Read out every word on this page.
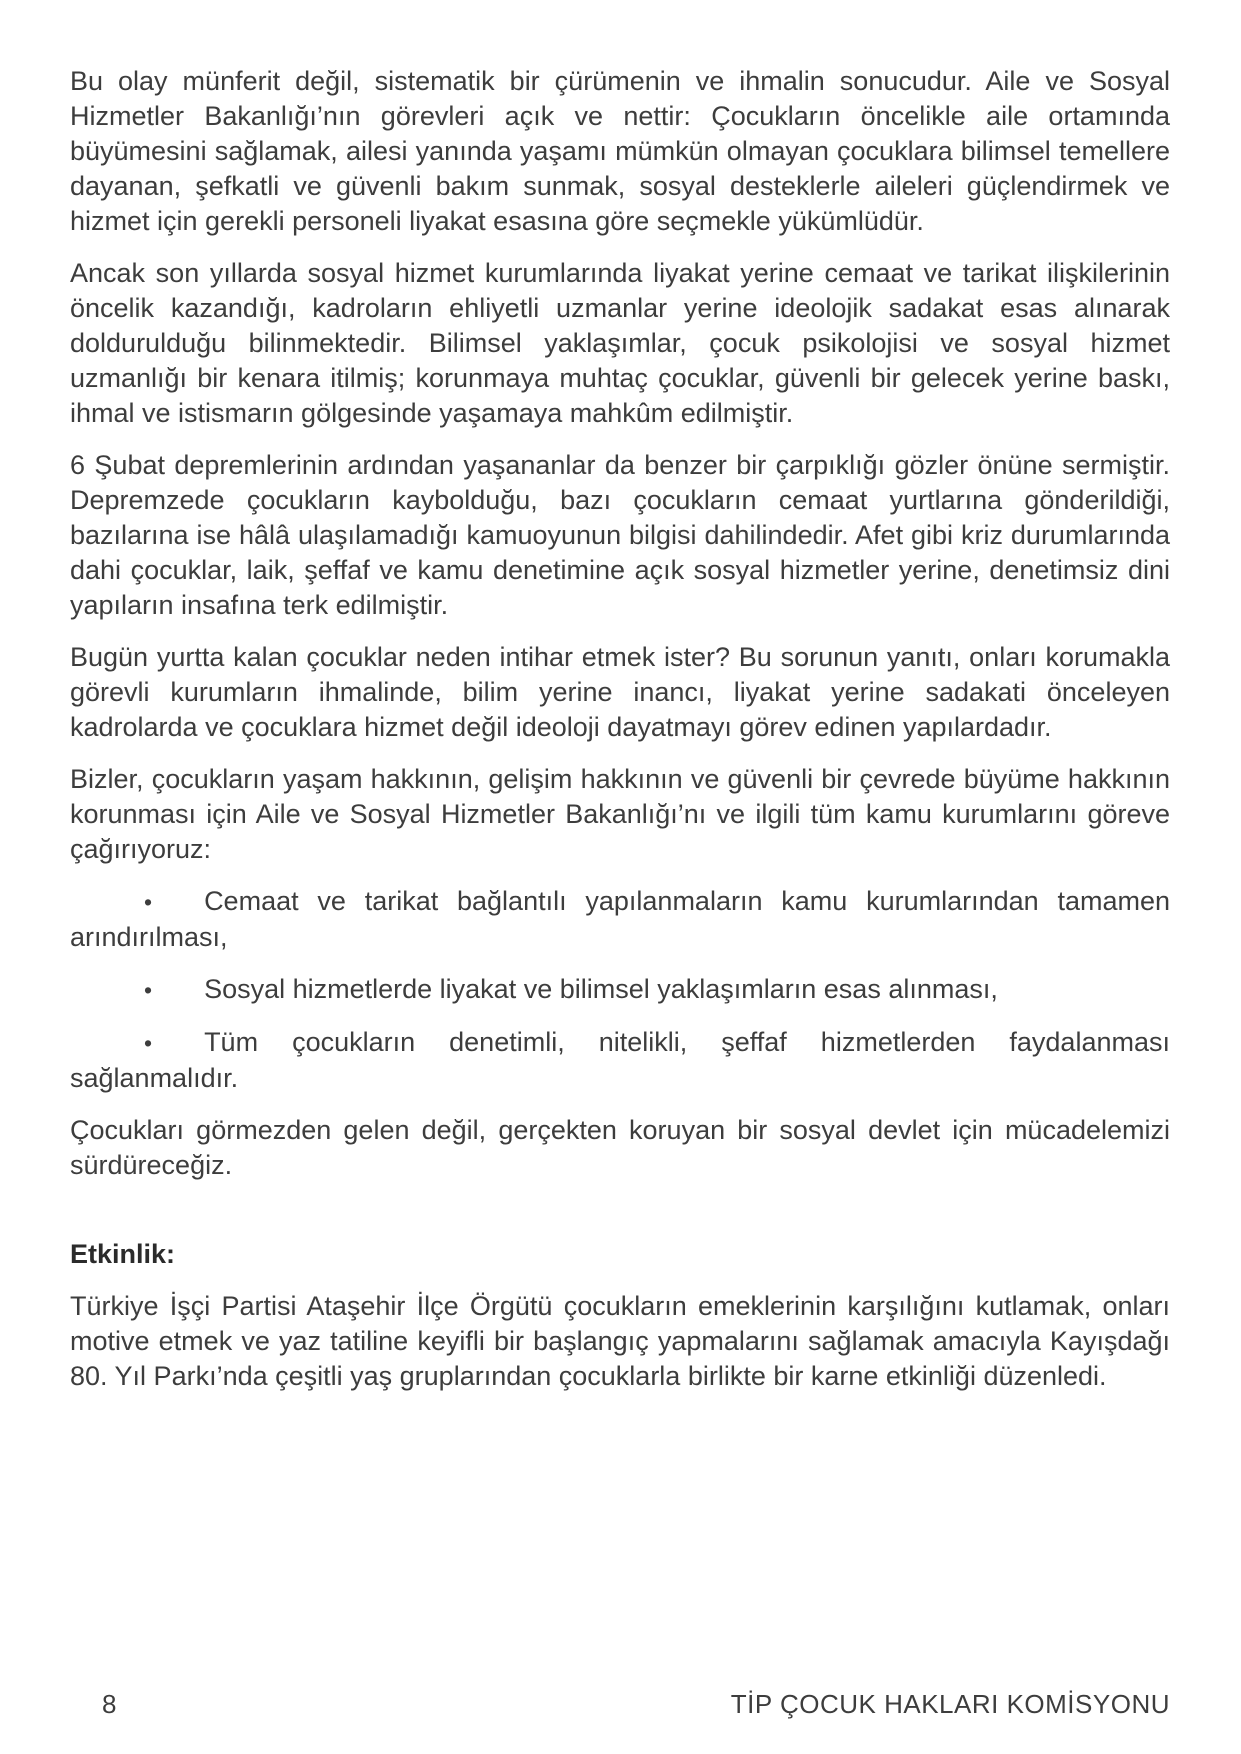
Bu olay münferit değil, sistematik bir çürümenin ve ihmalin sonucudur. Aile ve Sosyal Hizmetler Bakanlığı’nın görevleri açık ve nettir: Çocukların öncelikle aile ortamında büyümesini sağlamak, ailesi yanında yaşamı mümkün olmayan çocuklara bilimsel temellere dayanan, şefkatli ve güvenli bakım sunmak, sosyal desteklerle aileleri güçlendirmek ve hizmet için gerekli personeli liyakat esasına göre seçmekle yükümlüdür.

Ancak son yıllarda sosyal hizmet kurumlarında liyakat yerine cemaat ve tarikat ilişkilerinin öncelik kazandığı, kadroların ehliyetli uzmanlar yerine ideolojik sadakat esas alınarak doldurulduğu bilinmektedir. Bilimsel yaklaşımlar, çocuk psikolojisi ve sosyal hizmet uzmanlığı bir kenara itilmiş; korunmaya muhtaç çocuklar, güvenli bir gelecek yerine baskı, ihmal ve istismarın gölgesinde yaşamaya mahkûm edilmiştir.

6 Şubat depremlerinin ardından yaşananlar da benzer bir çarpıklığı gözler önüne sermiştir. Depremzede çocukların kaybolduğu, bazı çocukların cemaat yurtlarına gönderildiği, bazılarına ise hâlâ ulaşılamadığı kamuoyunun bilgisi dahilindedir. Afet gibi kriz durumlarında dahi çocuklar, laik, şeffaf ve kamu denetimine açık sosyal hizmetler yerine, denetimsiz dini yapıların insafına terk edilmiştir.

Bugün yurtta kalan çocuklar neden intihar etmek ister? Bu sorunun yanıtı, onları korumakla görevli kurumların ihmalinde, bilim yerine inancı, liyakat yerine sadakati önceleyen kadrolarda ve çocuklara hizmet değil ideoloji dayatmayı görev edinen yapılardadır.

Bizler, çocukların yaşam hakkının, gelişim hakkının ve güvenli bir çevrede büyüme hakkının korunması için Aile ve Sosyal Hizmetler Bakanlığı’nı ve ilgili tüm kamu kurumlarını göreve çağırıyoruz:

• Cemaat ve tarikat bağlantılı yapılanmaların kamu kurumlarından tamamen arındırılması,

• Sosyal hizmetlerde liyakat ve bilimsel yaklaşımların esas alınması,

• Tüm çocukların denetimli, nitelikli, şeffaf hizmetlerden faydalanması sağlanmalıdır.

Çocukları görmezden gelen değil, gerçekten koruyan bir sosyal devlet için mücadelemizi sürdüreceğiz.

Etkinlik:

Türkiye İşçi Partisi Ataşehir İlçe Örgütü çocukların emeklerinin karşılığını kutlamak, onları motive etmek ve yaz tatiline keyifli bir başlangıç yapmalarını sağlamak amacıyla Kayışdağı 80. Yıl Parkı’nda çeşitli yaş gruplarından çocuklarla birlikte bir karne etkinliği düzenledi.

8	TİP ÇOCUK HAKLARI KOMİSYONU
